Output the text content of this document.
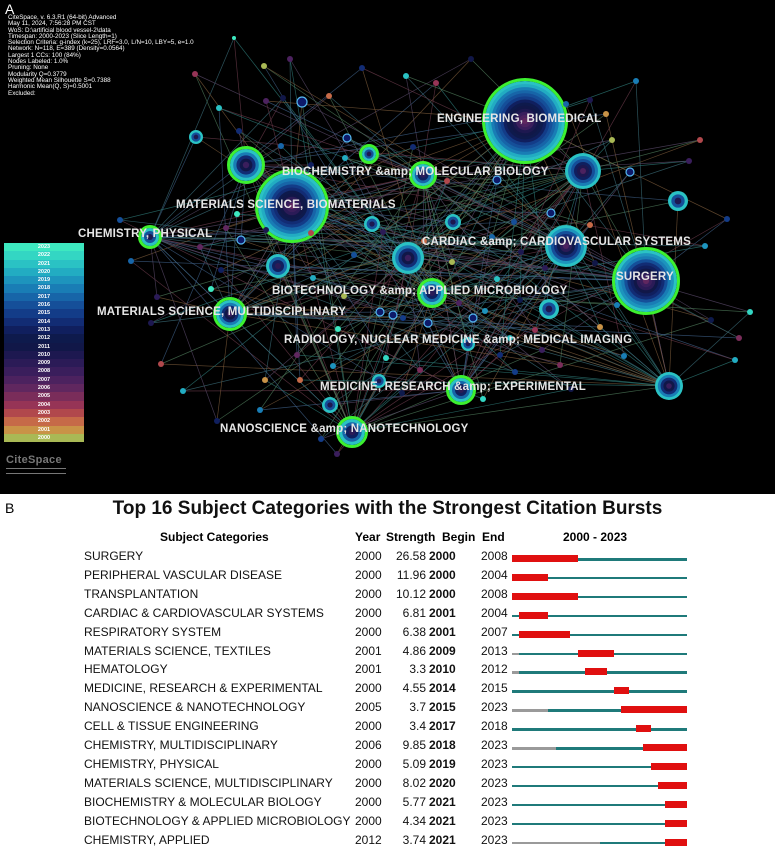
ENGINEERING, BIOMEDICAL
BIOCHEMISTRY &amp; MOLECULAR BIOLOGY
MATERIALS SCIENCE, BIOMATERIALS
CHEMISTRY, PHYSICAL
CARDIAC &amp; CARDIOVASCULAR SYSTEMS
SURGERY
BIOTECHNOLOGY &amp; APPLIED MICROBIOLOGY
MATERIALS SCIENCE, MULTIDISCIPLINARY
RADIOLOGY, NUCLEAR MEDICINE &amp; MEDICAL IMAGING
MEDICINE, RESEARCH &amp; EXPERIMENTAL
NANOSCIENCE &amp; NANOTECHNOLOGY
A
CiteSpace, v. 6.3.R1 (64-bit) Advanced
May 11, 2024, 7:56:28 PM CST
WoS: D:\artificial blood vessel-2\data
Timespan: 2000-2023 (Slice Length=1)
Selection Criteria: g-index (k=25), LRF=3.0, L/N=10, LBY=5, e=1.0
Network: N=118, E=389 (Density=0.0564)
Largest 1 CCs: 100 (84%)
Nodes Labeled: 1.0%
Pruning: None
Modularity Q=0.3779
Weighted Mean Silhouette S=0.7388
Harmonic Mean(Q, S)=0.5001
Excluded:
2023
2022
2021
2020
2019
2018
2017
2016
2015
2014
2013
2012
2011
2010
2009
2008
2007
2006
2005
2004
2003
2002
2001
2000
CiteSpace
B	Top 16 Subject Categories with the Strongest Citation Bursts
Subject Categories	Year Strength Begin End	2000 - 2023
SURGERY	2000	26.58 2000 2008
PERIPHERAL VASCULAR DISEASE	2000	11.96 2000 2004
TRANSPLANTATION	2000	10.12 2000 2008
CARDIAC & CARDIOVASCULAR SYSTEMS	2000	6.81 2001 2004
RESPIRATORY SYSTEM	2000	6.38 2001 2007
MATERIALS SCIENCE, TEXTILES	2001	4.86 2009 2013
HEMATOLOGY	2001	3.3 2010 2012
MEDICINE, RESEARCH & EXPERIMENTAL	2000	4.55 2014 2015
NANOSCIENCE & NANOTECHNOLOGY	2005	3.7 2015 2023
CELL & TISSUE ENGINEERING	2000	3.4 2017 2018
CHEMISTRY, MULTIDISCIPLINARY	2006	9.85 2018 2023
CHEMISTRY, PHYSICAL	2000	5.09 2019 2023
MATERIALS SCIENCE, MULTIDISCIPLINARY 2000	8.02 2020 2023
BIOCHEMISTRY & MOLECULAR BIOLOGY	2000	5.77 2021 2023
BIOTECHNOLOGY & APPLIED MICROBIOLOGY 2000	4.34 2021 2023
CHEMISTRY, APPLIED	2012	3.74 2021 2023
